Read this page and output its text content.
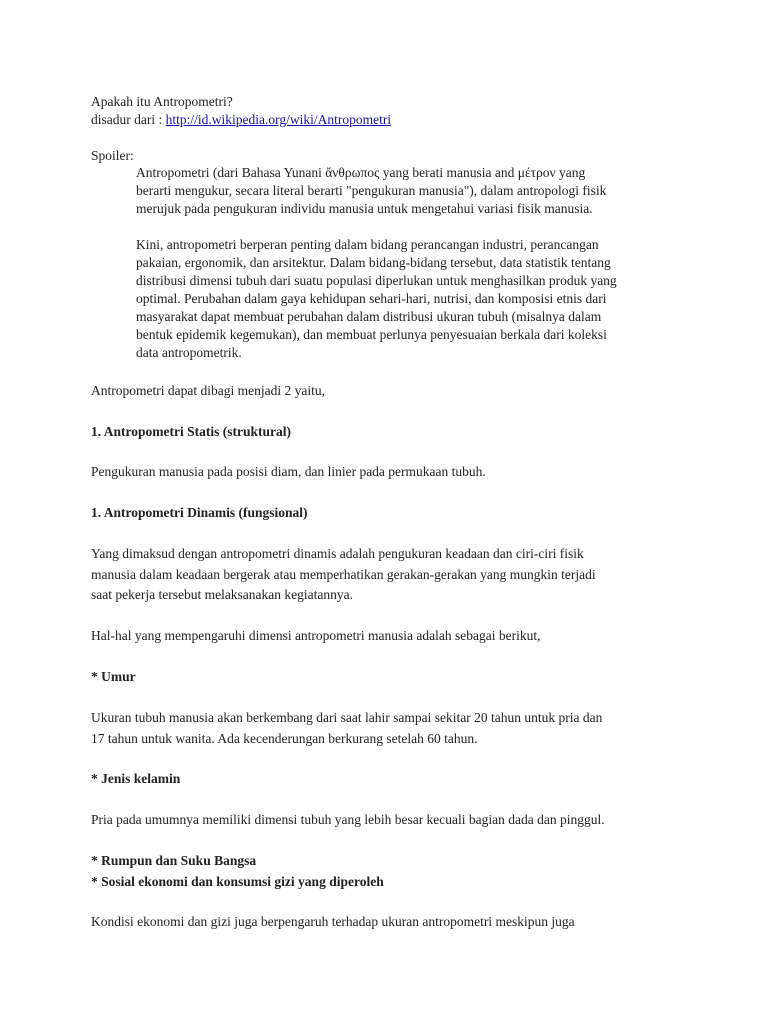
Apakah itu Antropometri?
disadur dari : http://id.wikipedia.org/wiki/Antropometri
Spoiler:
Antropometri (dari Bahasa Yunani ἄνθρωπος yang berati manusia and μέτρον yang
berarti mengukur, secara literal berarti "pengukuran manusia"), dalam antropologi fisik
merujuk pada pengukuran individu manusia untuk mengetahui variasi fisik manusia.
Kini, antropometri berperan penting dalam bidang perancangan industri, perancangan
pakaian, ergonomik, dan arsitektur. Dalam bidang-bidang tersebut, data statistik tentang
distribusi dimensi tubuh dari suatu populasi diperlukan untuk menghasilkan produk yang
optimal. Perubahan dalam gaya kehidupan sehari-hari, nutrisi, dan komposisi etnis dari
masyarakat dapat membuat perubahan dalam distribusi ukuran tubuh (misalnya dalam
bentuk epidemik kegemukan), dan membuat perlunya penyesuaian berkala dari koleksi
data antropometrik.
Antropometri dapat dibagi menjadi 2 yaitu,
1. Antropometri Statis (struktural)
Pengukuran manusia pada posisi diam, dan linier pada permukaan tubuh.
1. Antropometri Dinamis (fungsional)
Yang dimaksud dengan antropometri dinamis adalah pengukuran keadaan dan ciri-ciri fisik
manusia dalam keadaan bergerak atau memperhatikan gerakan-gerakan yang mungkin terjadi
saat pekerja tersebut melaksanakan kegiatannya.
Hal-hal yang mempengaruhi dimensi antropometri manusia adalah sebagai berikut,
* Umur
Ukuran tubuh manusia akan berkembang dari saat lahir sampai sekitar 20 tahun untuk pria dan
17 tahun untuk wanita. Ada kecenderungan berkurang setelah 60 tahun.
* Jenis kelamin
Pria pada umumnya memiliki dimensi tubuh yang lebih besar kecuali bagian dada dan pinggul.
* Rumpun dan Suku Bangsa
* Sosial ekonomi dan konsumsi gizi yang diperoleh
Kondisi ekonomi dan gizi juga berpengaruh terhadap ukuran antropometri meskipun juga
